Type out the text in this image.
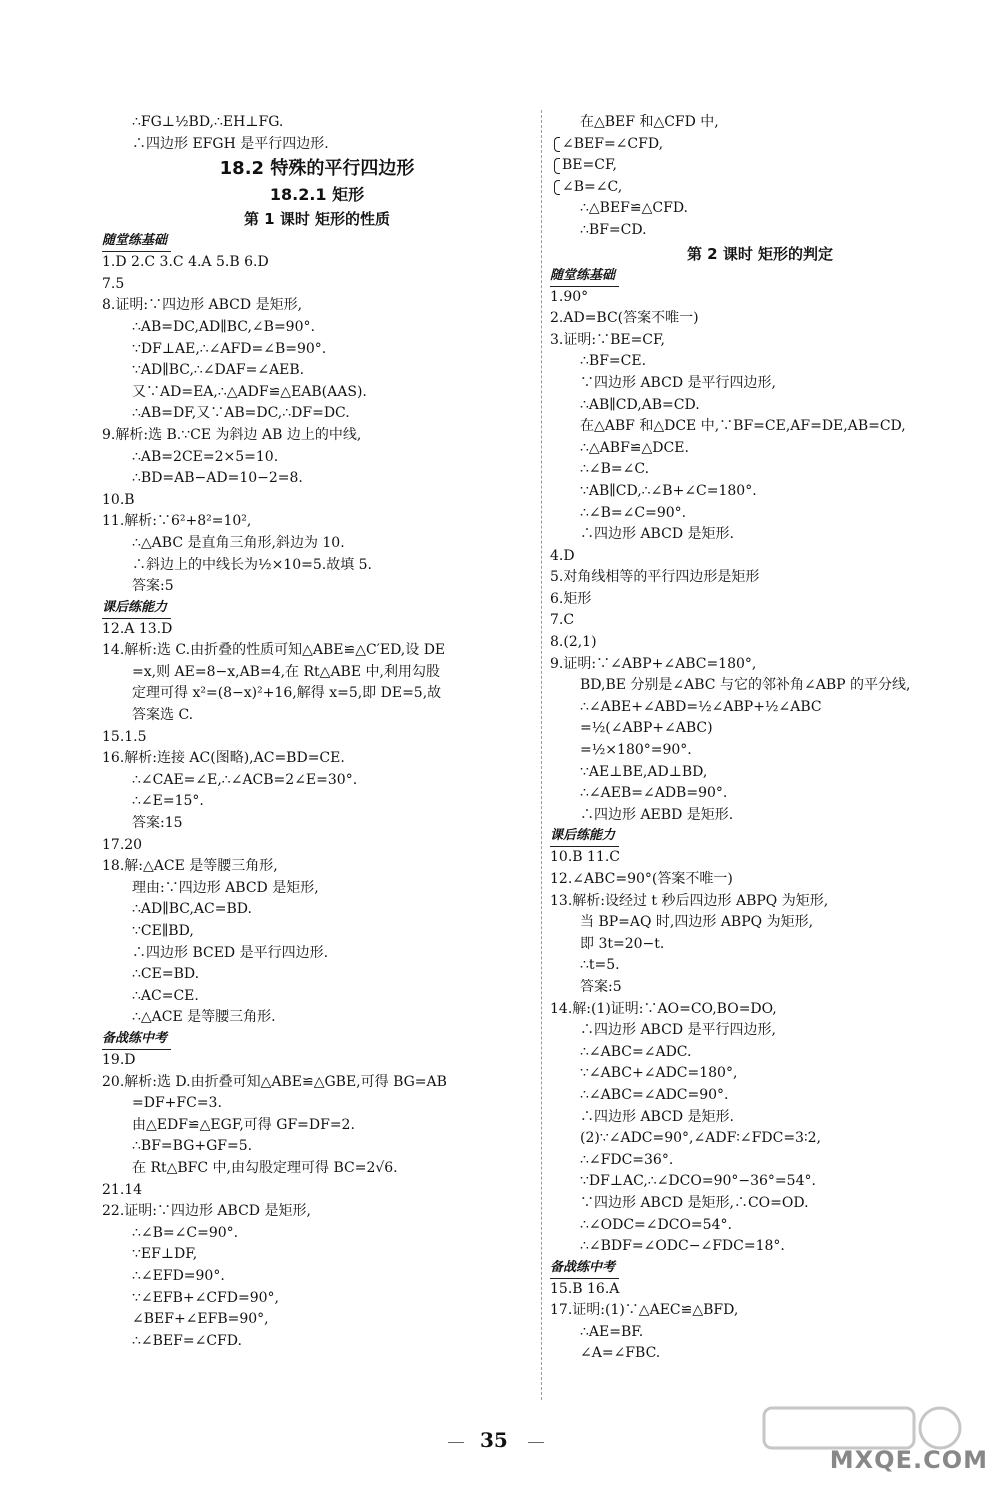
∴FG⊥⁡½BD,∴EH⊥FG.
∴四边形 EFGH 是平行四边形.
18.2 特殊的平行四边形
18.2.1 矩形
第 1 课时 矩形的性质
随堂练基础
1.D 2.C 3.C 4.A 5.B 6.D
7.5
8.证明:∵四边形 ABCD 是矩形,
∴AB=DC,AD∥BC,∠B=90°.
∵DF⊥AE,∴∠AFD=∠B=90°.
∵AD∥BC,∴∠DAF=∠AEB.
又∵AD=EA,∴△ADF≌△EAB(AAS).
∴AB=DF,又∵AB=DC,∴DF=DC.
9.解析:选 B.∵CE 为斜边 AB 边上的中线,
∴AB=2CE=2×5=10.
∴BD=AB−AD=10−2=8.
10.B
11.解析:∵6²+8²=10²,
∴△ABC 是直角三角形,斜边为 10.
∴斜边上的中线长为½×10=5.故填 5.
答案:5
课后练能力
12.A 13.D
14.解析:选 C.由折叠的性质可知△ABE≌△C′ED,设 DE
=x,则 AE=8−x,AB=4,在 Rt△ABE 中,利用勾股
定理可得 x²=(8−x)²+16,解得 x=5,即 DE=5,故
答案选 C.
15.1.5
16.解析:连接 AC(图略),AC=BD=CE.
∴∠CAE=∠E,∴∠ACB=2∠E=30°.
∴∠E=15°.
答案:15
17.20
18.解:△ACE 是等腰三角形,
理由:∵四边形 ABCD 是矩形,
∴AD∥BC,AC=BD.
∵CE∥BD,
∴四边形 BCED 是平行四边形.
∴CE=BD.
∴AC=CE.
∴△ACE 是等腰三角形.
备战练中考
19.D
20.解析:选 D.由折叠可知△ABE≌△GBE,可得 BG=AB
=DF+FC=3.
由△EDF≌△EGF,可得 GF=DF=2.
∴BF=BG+GF=5.
在 Rt△BFC 中,由勾股定理可得 BC=2√6.
21.14
22.证明:∵四边形 ABCD 是矩形,
∴∠B=∠C=90°.
∵EF⊥DF,
∴∠EFD=90°.
∵∠EFB+∠CFD=90°,
∠BEF+∠EFB=90°,
∴∠BEF=∠CFD.
在△BEF 和△CFD 中,
∠BEF=∠CFD,
BE=CF,
∠B=∠C,
∴△BEF≌△CFD.
∴BF=CD.
第 2 课时 矩形的判定
随堂练基础
1.90°
2.AD=BC(答案不唯一)
3.证明:∵BE=CF,
∴BF=CE.
∵四边形 ABCD 是平行四边形,
∴AB∥CD,AB=CD.
在△ABF 和△DCE 中,∵BF=CE,AF=DE,AB=CD,
∴△ABF≌△DCE.
∴∠B=∠C.
∵AB∥CD,∴∠B+∠C=180°.
∴∠B=∠C=90°.
∴四边形 ABCD 是矩形.
4.D
5.对角线相等的平行四边形是矩形
6.矩形
7.C
8.(2,1)
9.证明:∵∠ABP+∠ABC=180°,
BD,BE 分别是∠ABC 与它的邻补角∠ABP 的平分线,
∴∠ABE+∠ABD=½∠ABP+½∠ABC
=½(∠ABP+∠ABC)
=½×180°=90°.
∵AE⊥BE,AD⊥BD,
∴∠AEB=∠ADB=90°.
∴四边形 AEBD 是矩形.
课后练能力
10.B 11.C
12.∠ABC=90°(答案不唯一)
13.解析:设经过 t 秒后四边形 ABPQ 为矩形,
当 BP=AQ 时,四边形 ABPQ 为矩形,
即 3t=20−t.
∴t=5.
答案:5
14.解:(1)证明:∵AO=CO,BO=DO,
∴四边形 ABCD 是平行四边形,
∴∠ABC=∠ADC.
∵∠ABC+∠ADC=180°,
∴∠ABC=∠ADC=90°.
∴四边形 ABCD 是矩形.
(2)∵∠ADC=90°,∠ADF∶∠FDC=3∶2,
∴∠FDC=36°.
∵DF⊥AC,∴∠DCO=90°−36°=54°.
∵四边形 ABCD 是矩形,∴CO=OD.
∴∠ODC=∠DCO=54°.
∴∠BDF=∠ODC−∠FDC=18°.
备战练中考
15.B 16.A
17.证明:(1)∵△AEC≌△BFD,
∴AE=BF.
∠A=∠FBC.
35
MXQE.COM
